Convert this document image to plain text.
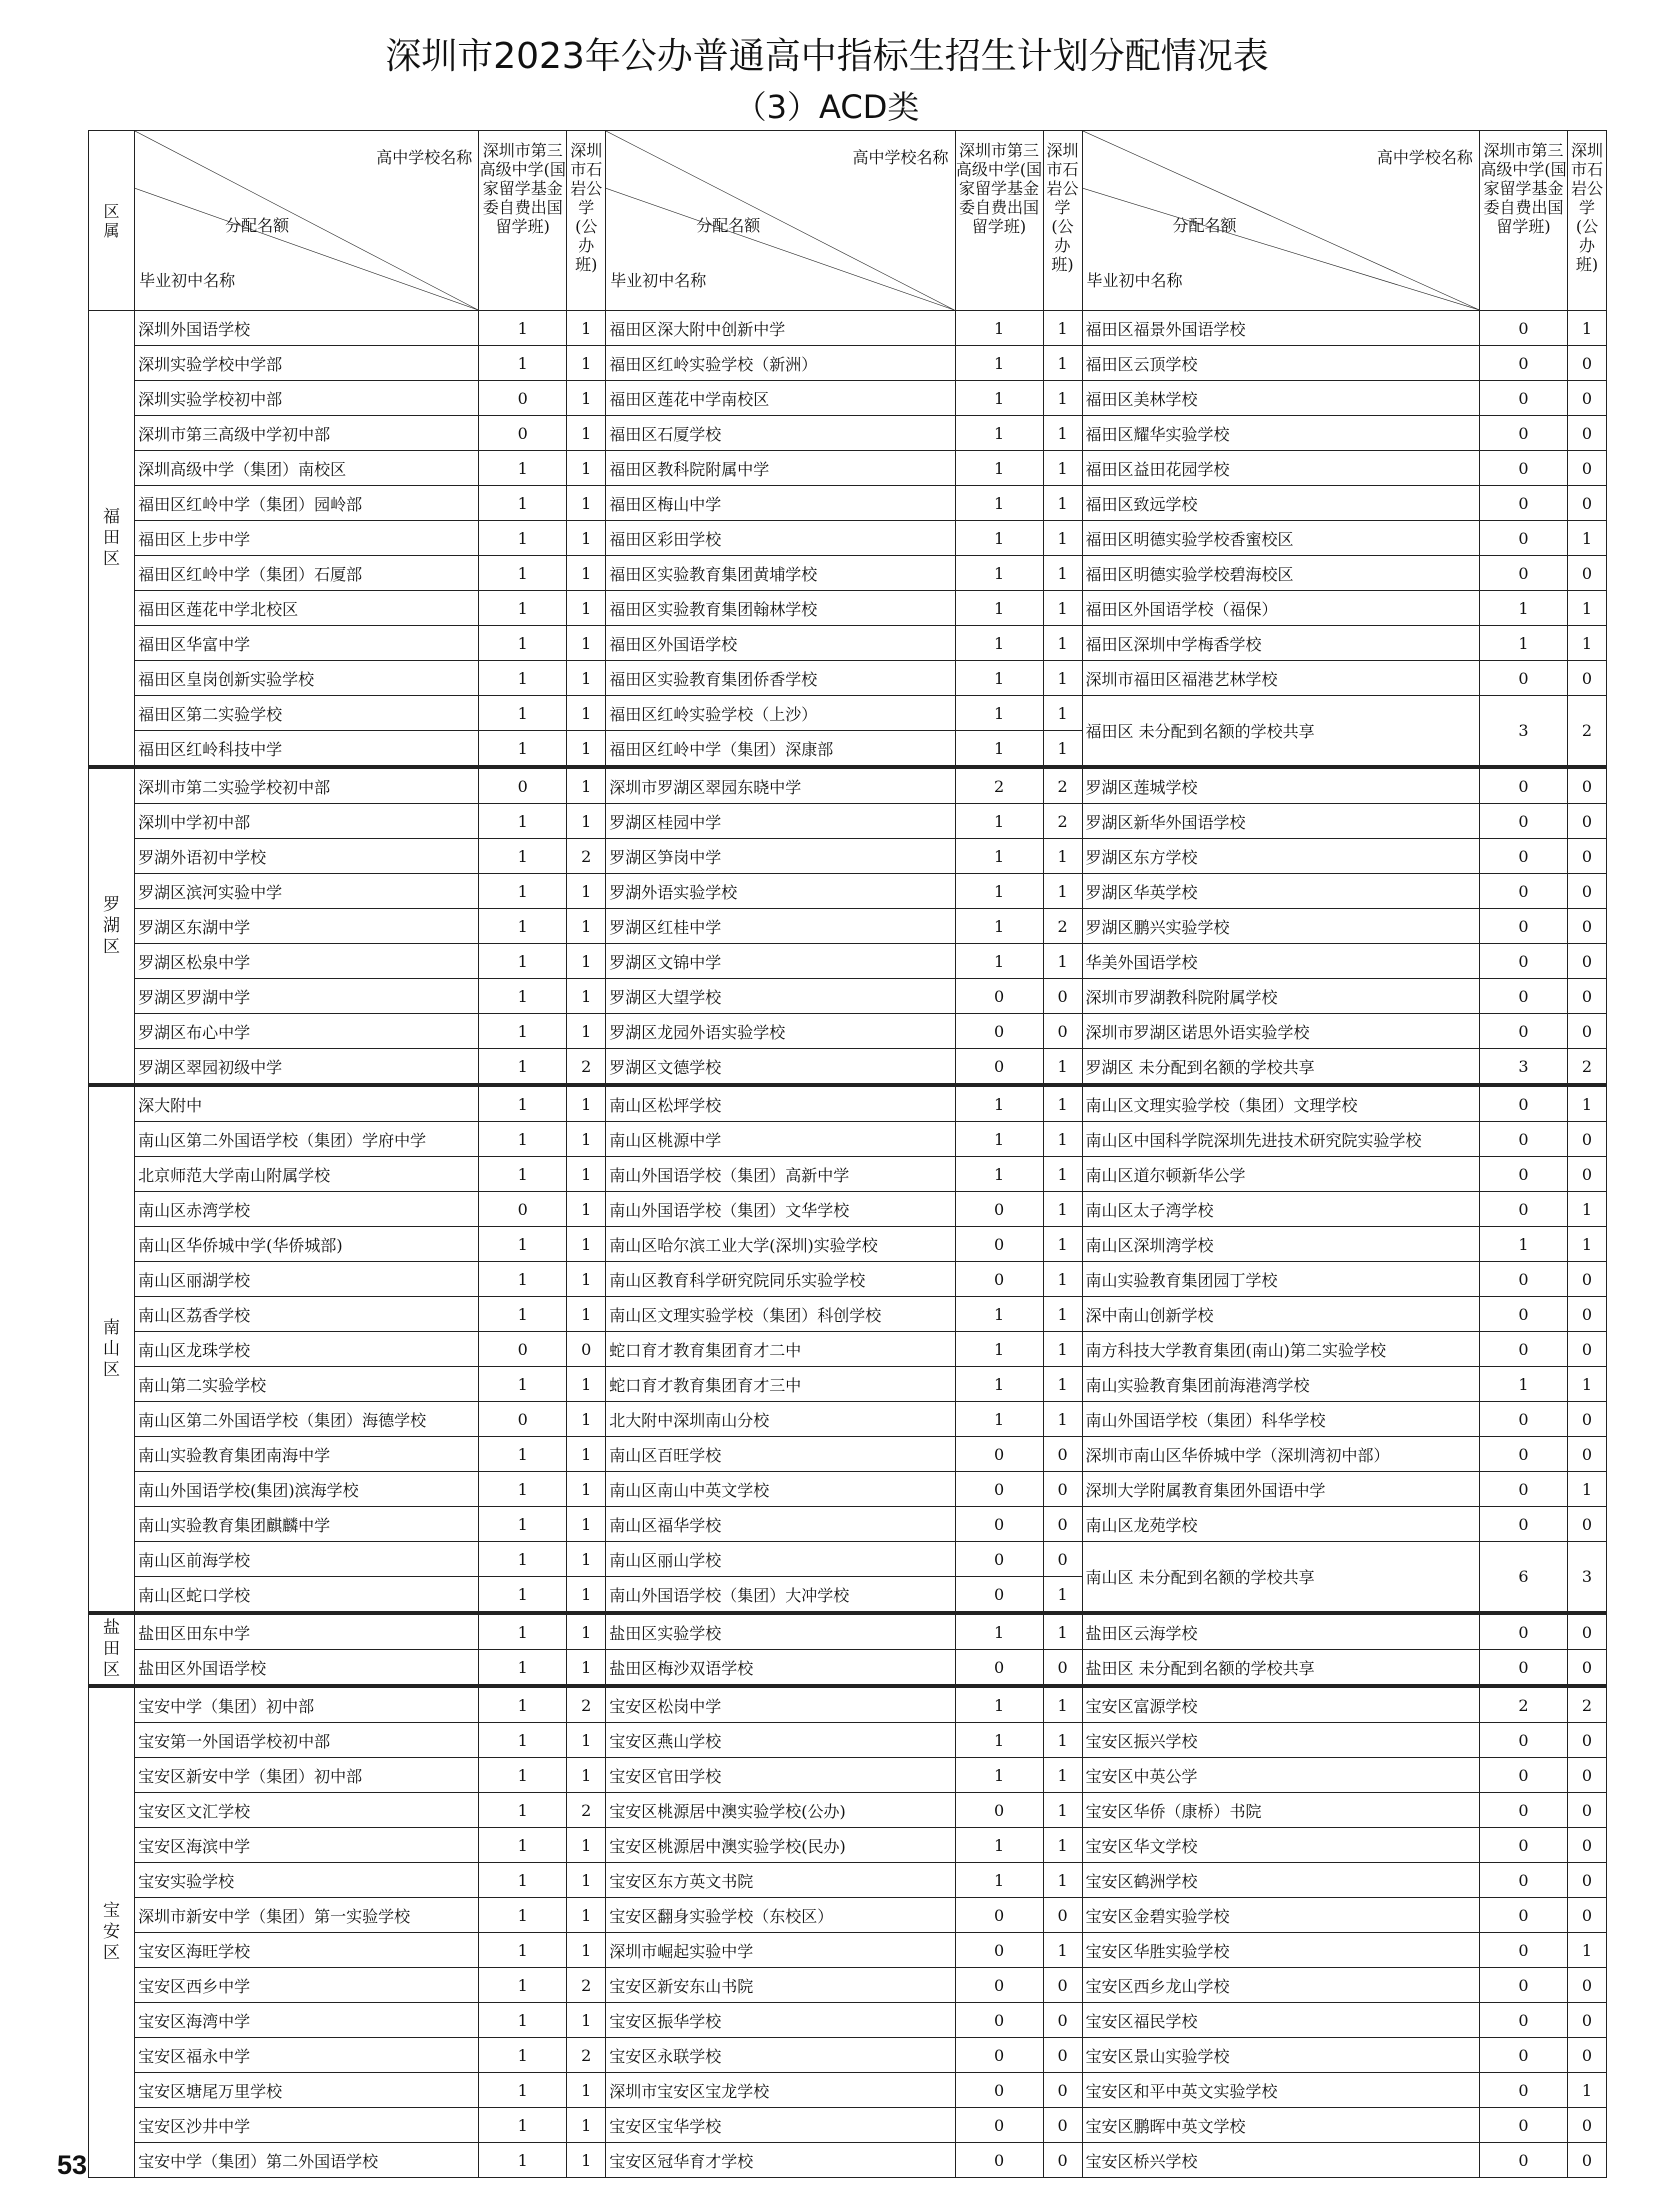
深圳市2023年公办普通高中指标生招生计划分配情况表
（3）ACD类
区属	高中学校名称
分配名额
毕业初中名称	深圳市第三高级中学(国家留学基金委自费出国留学班)	深圳市石岩公学(公办班)	高中学校名称
分配名额
毕业初中名称	深圳市第三高级中学(国家留学基金委自费出国留学班)	深圳市石岩公学(公办班)	高中学校名称
分配名额
毕业初中名称	深圳市第三高级中学(国家留学基金委自费出国留学班)	深圳市石岩公学(公办班)

福田区	深圳外国语学校	1	1	福田区深大附中创新中学	1	1	福田区福景外国语学校	0	1
	深圳实验学校中学部	1	1	福田区红岭实验学校（新洲）	1	1	福田区云顶学校	0	0
	深圳实验学校初中部	0	1	福田区莲花中学南校区	1	1	福田区美林学校	0	0
	深圳市第三高级中学初中部	0	1	福田区石厦学校	1	1	福田区耀华实验学校	0	0
	深圳高级中学（集团）南校区	1	1	福田区教科院附属中学	1	1	福田区益田花园学校	0	0
	福田区红岭中学（集团）园岭部	1	1	福田区梅山中学	1	1	福田区致远学校	0	0
	福田区上步中学	1	1	福田区彩田学校	1	1	福田区明德实验学校香蜜校区	0	1
	福田区红岭中学（集团）石厦部	1	1	福田区实验教育集团黄埔学校	1	1	福田区明德实验学校碧海校区	0	0
	福田区莲花中学北校区	1	1	福田区实验教育集团翰林学校	1	1	福田区外国语学校（福保）	1	1
	福田区华富中学	1	1	福田区外国语学校	1	1	福田区深圳中学梅香学校	1	1
	福田区皇岗创新实验学校	1	1	福田区实验教育集团侨香学校	1	1	深圳市福田区福港艺林学校	0	0
	福田区第二实验学校	1	1	福田区红岭实验学校（上沙）	1	1	福田区 未分配到名额的学校共享	3	2
	福田区红岭科技中学	1	1	福田区红岭中学（集团）深康部	1	1			

罗湖区	深圳市第二实验学校初中部	0	1	深圳市罗湖区翠园东晓中学	2	2	罗湖区莲城学校	0	0
	深圳中学初中部	1	1	罗湖区桂园中学	1	2	罗湖区新华外国语学校	0	0
	罗湖外语初中学校	1	2	罗湖区笋岗中学	1	1	罗湖区东方学校	0	0
	罗湖区滨河实验中学	1	1	罗湖外语实验学校	1	1	罗湖区华英学校	0	0
	罗湖区东湖中学	1	1	罗湖区红桂中学	1	2	罗湖区鹏兴实验学校	0	0
	罗湖区松泉中学	1	1	罗湖区文锦中学	1	1	华美外国语学校	0	0
	罗湖区罗湖中学	1	1	罗湖区大望学校	0	0	深圳市罗湖教科院附属学校	0	0
	罗湖区布心中学	1	1	罗湖区龙园外语实验学校	0	0	深圳市罗湖区诺思外语实验学校	0	0
	罗湖区翠园初级中学	1	2	罗湖区文德学校	0	1	罗湖区 未分配到名额的学校共享	3	2

南山区	深大附中	1	1	南山区松坪学校	1	1	南山区文理实验学校（集团）文理学校	0	1
	南山区第二外国语学校（集团）学府中学	1	1	南山区桃源中学	1	1	南山区中国科学院深圳先进技术研究院实验学校	0	0
	北京师范大学南山附属学校	1	1	南山外国语学校（集团）高新中学	1	1	南山区道尔顿新华公学	0	0
	南山区赤湾学校	0	1	南山外国语学校（集团）文华学校	0	1	南山区太子湾学校	0	1
	南山区华侨城中学(华侨城部)	1	1	南山区哈尔滨工业大学(深圳)实验学校	0	1	南山区深圳湾学校	1	1
	南山区丽湖学校	1	1	南山区教育科学研究院同乐实验学校	0	1	南山实验教育集团园丁学校	0	0
	南山区荔香学校	1	1	南山区文理实验学校（集团）科创学校	1	1	深中南山创新学校	0	0
	南山区龙珠学校	0	0	蛇口育才教育集团育才二中	1	1	南方科技大学教育集团(南山)第二实验学校	0	0
	南山第二实验学校	1	1	蛇口育才教育集团育才三中	1	1	南山实验教育集团前海港湾学校	1	1
	南山区第二外国语学校（集团）海德学校	0	1	北大附中深圳南山分校	1	1	南山外国语学校（集团）科华学校	0	0
	南山实验教育集团南海中学	1	1	南山区百旺学校	0	0	深圳市南山区华侨城中学（深圳湾初中部）	0	0
	南山外国语学校(集团)滨海学校	1	1	南山区南山中英文学校	0	0	深圳大学附属教育集团外国语中学	0	1
	南山实验教育集团麒麟中学	1	1	南山区福华学校	0	0	南山区龙苑学校	0	0
	南山区前海学校	1	1	南山区丽山学校	0	0	南山区 未分配到名额的学校共享	6	3
	南山区蛇口学校	1	1	南山外国语学校（集团）大冲学校	0	1			

盐田区	盐田区田东中学	1	1	盐田区实验学校	1	1	盐田区云海学校	0	0
	盐田区外国语学校	1	1	盐田区梅沙双语学校	0	0	盐田区 未分配到名额的学校共享	0	0

宝安区	宝安中学（集团）初中部	1	2	宝安区松岗中学	1	1	宝安区富源学校	2	2
	宝安第一外国语学校初中部	1	1	宝安区燕山学校	1	1	宝安区振兴学校	0	0
	宝安区新安中学（集团）初中部	1	1	宝安区官田学校	1	1	宝安区中英公学	0	0
	宝安区文汇学校	1	2	宝安区桃源居中澳实验学校(公办)	0	1	宝安区华侨（康桥）书院	0	0
	宝安区海滨中学	1	1	宝安区桃源居中澳实验学校(民办)	1	1	宝安区华文学校	0	0
	宝安实验学校	1	1	宝安区东方英文书院	1	1	宝安区鹤洲学校	0	0
	深圳市新安中学（集团）第一实验学校	1	1	宝安区翻身实验学校（东校区）	0	0	宝安区金碧实验学校	0	0
	宝安区海旺学校	1	1	深圳市崛起实验中学	0	1	宝安区华胜实验学校	0	1
	宝安区西乡中学	1	2	宝安区新安东山书院	0	0	宝安区西乡龙山学校	0	0
	宝安区海湾中学	1	1	宝安区振华学校	0	0	宝安区福民学校	0	0
	宝安区福永中学	1	2	宝安区永联学校	0	0	宝安区景山实验学校	0	0
	宝安区塘尾万里学校	1	1	深圳市宝安区宝龙学校	0	0	宝安区和平中英文实验学校	0	1
	宝安区沙井中学	1	1	宝安区宝华学校	0	0	宝安区鹏晖中英文学校	0	0
	宝安中学（集团）第二外国语学校	1	1	宝安区冠华育才学校	0	0	宝安区桥兴学校	0	0
53
